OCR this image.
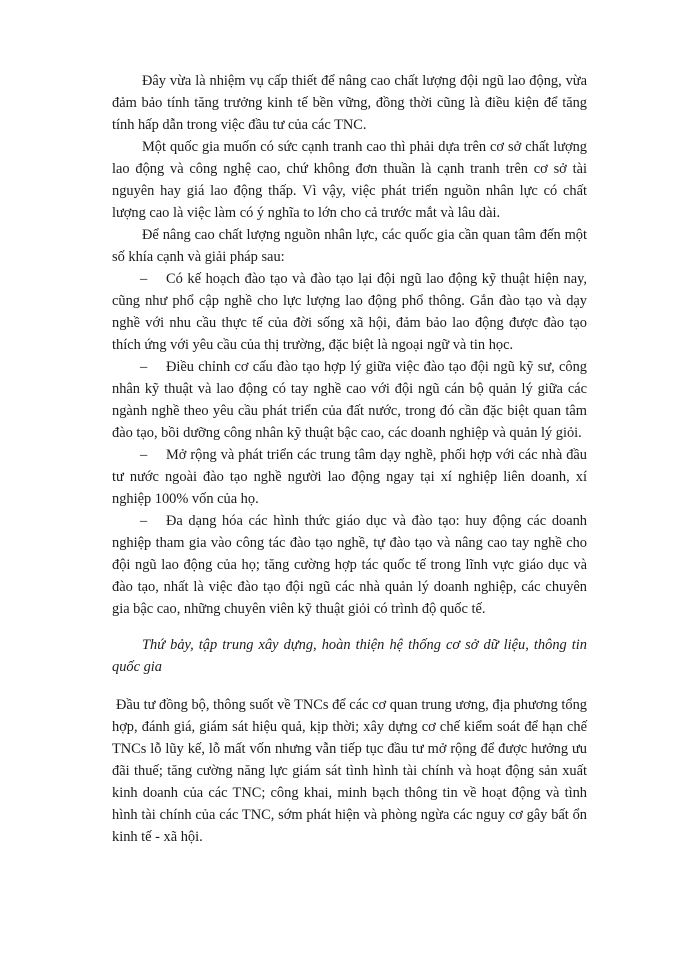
Đây vừa là nhiệm vụ cấp thiết để nâng cao chất lượng đội ngũ lao động, vừa đảm bảo tính tăng trưởng kinh tế bền vững, đồng thời cũng là điều kiện để tăng tính hấp dẫn trong việc đầu tư của các TNC.

Một quốc gia muốn có sức cạnh tranh cao thì phải dựa trên cơ sở chất lượng lao động và công nghệ cao, chứ không đơn thuần là cạnh tranh trên cơ sở tài nguyên hay giá lao động thấp. Vì vậy, việc phát triển nguồn nhân lực có chất lượng cao là việc làm có ý nghĩa to lớn cho cả trước mắt và lâu dài.

Để nâng cao chất lượng nguồn nhân lực, các quốc gia cần quan tâm đến một số khía cạnh và giải pháp sau:

– Có kế hoạch đào tạo và đào tạo lại đội ngũ lao động kỹ thuật hiện nay, cũng như phổ cập nghề cho lực lượng lao động phổ thông. Gắn đào tạo và dạy nghề với nhu cầu thực tế của đời sống xã hội, đảm bảo lao động được đào tạo thích ứng với yêu cầu của thị trường, đặc biệt là ngoại ngữ và tin học.

– Điều chỉnh cơ cấu đào tạo hợp lý giữa việc đào tạo đội ngũ kỹ sư, công nhân kỹ thuật và lao động có tay nghề cao với đội ngũ cán bộ quản lý giữa các ngành nghề theo yêu cầu phát triển của đất nước, trong đó cần đặc biệt quan tâm đào tạo, bồi dưỡng công nhân kỹ thuật bậc cao, các doanh nghiệp và quản lý giỏi.

– Mở rộng và phát triển các trung tâm dạy nghề, phối hợp với các nhà đầu tư nước ngoài đào tạo nghề người lao động ngay tại xí nghiệp liên doanh, xí nghiệp 100% vốn của họ.

– Đa dạng hóa các hình thức giáo dục và đào tạo: huy động các doanh nghiệp tham gia vào công tác đào tạo nghề, tự đào tạo và nâng cao tay nghề cho đội ngũ lao động của họ; tăng cường hợp tác quốc tế trong lĩnh vực giáo dục và đào tạo, nhất là việc đào tạo đội ngũ các nhà quản lý doanh nghiệp, các chuyên gia bậc cao, những chuyên viên kỹ thuật giỏi có trình độ quốc tế.

Thứ bảy, tập trung xây dựng, hoàn thiện hệ thống cơ sở dữ liệu, thông tin quốc gia

Đầu tư đồng bộ, thông suốt về TNCs để các cơ quan trung ương, địa phương tổng hợp, đánh giá, giám sát hiệu quả, kịp thời; xây dựng cơ chế kiểm soát để hạn chế TNCs lỗ lũy kế, lỗ mất vốn nhưng vẫn tiếp tục đầu tư mở rộng để được hưởng ưu đãi thuế; tăng cường năng lực giám sát tình hình tài chính và hoạt động sản xuất kinh doanh của các TNC; công khai, minh bạch thông tin về hoạt động và tình hình tài chính của các TNC, sớm phát hiện và phòng ngừa các nguy cơ gây bất ổn kinh tế - xã hội.
